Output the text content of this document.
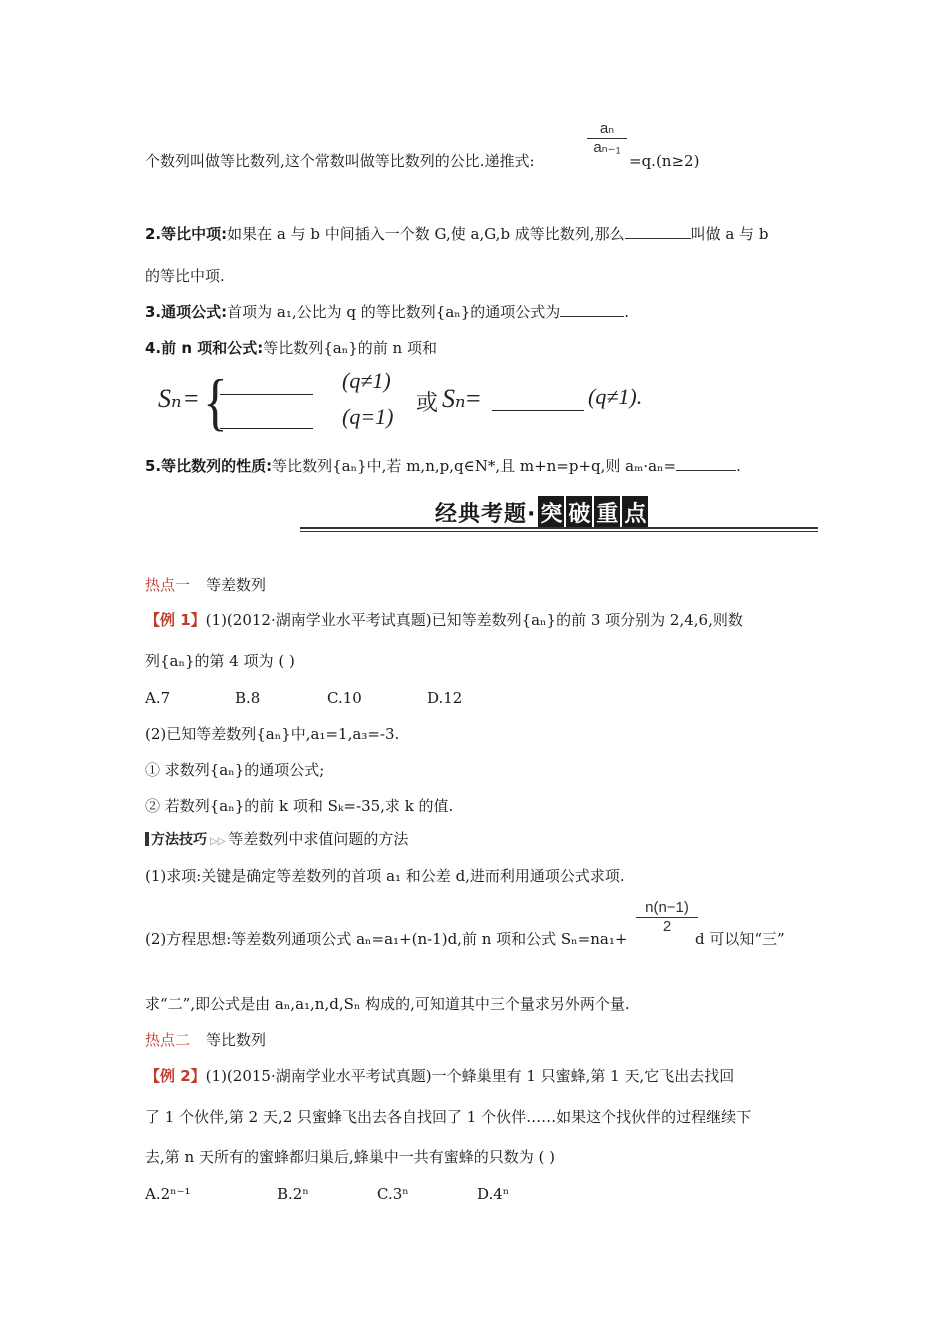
aₙ
aₙ₋₁
个数列叫做等比数列,这个常数叫做等比数列的公比.递推式:	=q.(n≥2)
2.等比中项:如果在 a 与 b 中间插入一个数 G,使 a,G,b 成等比数列,那么	叫做 a 与 b
的等比中项.
3.通项公式:首项为 a₁,公比为 q 的等比数列{aₙ}的通项公式为	.
4.前 n 项和公式:等比数列{aₙ}的前 n 项和
Sₙ = {	(q≠1)
(q=1)
或 Sₙ =	(q≠1).
5.等比数列的性质:等比数列{aₙ}中,若 m,n,p,q∈N*,且 m+n=p+q,则 aₘ·aₙ=	.
经典考题· 突 破 重 点
热点一 等差数列
【例 1】(1)(2012·湖南学业水平考试真题)已知等差数列{aₙ}的前 3 项分别为 2,4,6,则数
列{aₙ}的第 4 项为 ( )
A.7	B.8	C.10	D.12
(2)已知等差数列{aₙ}中,a₁=1,a₃=-3.
① 求数列{aₙ}的通项公式;
② 若数列{aₙ}的前 k 项和 Sₖ=-35,求 k 的值.
方法技巧 ▷▷ 等差数列中求值问题的方法
(1)求项:关键是确定等差数列的首项 a₁ 和公差 d,进而利用通项公式求项.
n(n−1)
2
(2)方程思想:等差数列通项公式 aₙ=a₁+(n-1)d,前 n 项和公式 Sₙ=na₁+	d 可以知“三”
求“二”,即公式是由 aₙ,a₁,n,d,Sₙ 构成的,可知道其中三个量求另外两个量.
热点二 等比数列
【例 2】(1)(2015·湖南学业水平考试真题)一个蜂巢里有 1 只蜜蜂,第 1 天,它飞出去找回
了 1 个伙伴,第 2 天,2 只蜜蜂飞出去各自找回了 1 个伙伴……如果这个找伙伴的过程继续下
去,第 n 天所有的蜜蜂都归巢后,蜂巢中一共有蜜蜂的只数为 ( )
A.2ⁿ⁻¹	B.2ⁿ	C.3ⁿ	D.4ⁿ
